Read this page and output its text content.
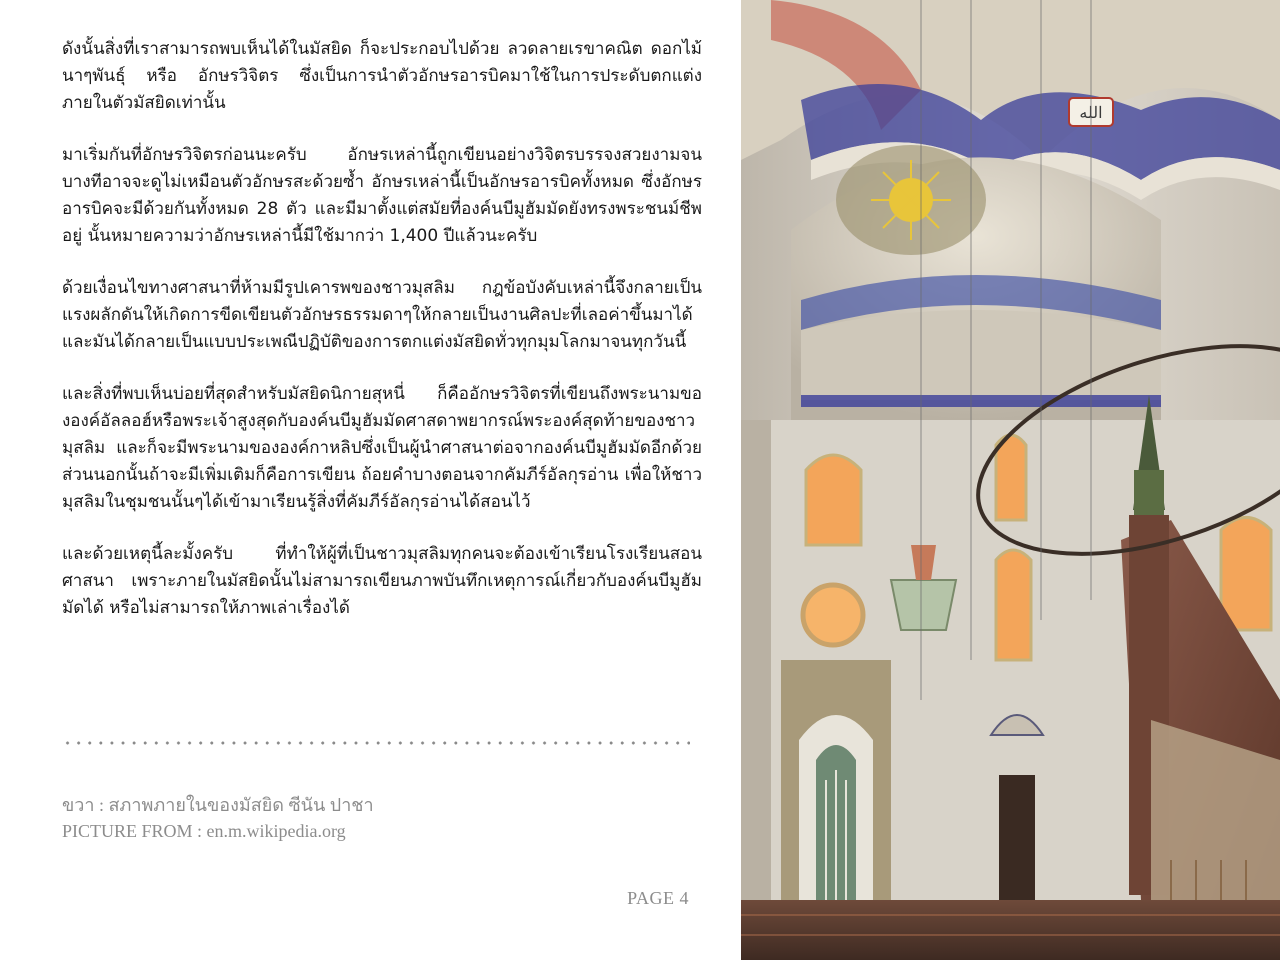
ดังนั้นสิ่งที่เราสามารถพบเห็นได้ในมัสยิด ก็จะประกอบไปด้วย ลวดลายเรขาคณิต ดอกไม้นาๆพันธุ์ หรือ อักษรวิจิตร ซึ่งเป็นการนำตัวอักษรอารบิคมาใช้ในการประดับตกแต่งภายในตัวมัสยิดเท่านั้น

มาเริ่มกันที่อักษรวิจิตรก่อนนะครับ อักษรเหล่านี้ถูกเขียนอย่างวิจิตรบรรจงสวยงามจนบางทีอาจจะดูไม่เหมือนตัวอักษรสะด้วยซ้ำ อักษรเหล่านี้เป็นอักษรอารบิคทั้งหมด ซึ่งอักษรอารบิคจะมีด้วยกันทั้งหมด 28 ตัว และมีมาตั้งแต่สมัยที่องค์นบีมูฮัมมัดยังทรงพระชนม์ชีพอยู่ นั้นหมายความว่าอักษรเหล่านี้มีใช้มากว่า 1,400 ปีแล้วนะครับ

ด้วยเงื่อนไขทางศาสนาที่ห้ามมีรูปเคารพของชาวมุสลิม กฎข้อบังคับเหล่านี้จึงกลายเป็นแรงผลักดันให้เกิดการขีดเขียนตัวอักษรธรรมดาๆให้กลายเป็นงานศิลปะที่เลอค่าขึ้นมาได้ และมันได้กลายเป็นแบบประเพณีปฏิบัติของการตกแต่งมัสยิดทั่วทุกมุมโลกมาจนทุกวันนี้

และสิ่งที่พบเห็นบ่อยที่สุดสำหรับมัสยิดนิกายสุหนี่ ก็คืออักษรวิจิตรที่เขียนถึงพระนามขององค์อัลลอฮ์หรือพระเจ้าสูงสุดกับองค์นบีมูฮัมมัดศาสดาพยากรณ์พระองค์สุดท้ายของชาวมุสลิม และก็จะมีพระนามขององค์กาหลิปซึ่งเป็นผู้นำศาสนาต่อจากองค์นบีมูฮัมมัดอีกด้วย ส่วนนอกนั้นถ้าจะมีเพิ่มเติมก็คือการเขียน ถ้อยคำบางตอนจากคัมภีร์อัลกุรอ่าน เพื่อให้ชาวมุสลิมในชุมชนนั้นๆได้เข้ามาเรียนรู้สิ่งที่คัมภีร์อัลกุรอ่านได้สอนไว้

และด้วยเหตุนี้ละมั้งครับ ที่ทำให้ผู้ที่เป็นชาวมุสลิมทุกคนจะต้องเข้าเรียนโรงเรียนสอนศาสนา เพราะภายในมัสยิดนั้นไม่สามารถเขียนภาพบันทึกเหตุการณ์เกี่ยวกับองค์นบีมูฮัมมัดได้ หรือไม่สามารถให้ภาพเล่าเรื่องได้

ขวา : สภาพภายในของมัสยิด ซีนัน ปาชา
PICTURE FROM : en.m.wikipedia.org
PAGE 4
الله
